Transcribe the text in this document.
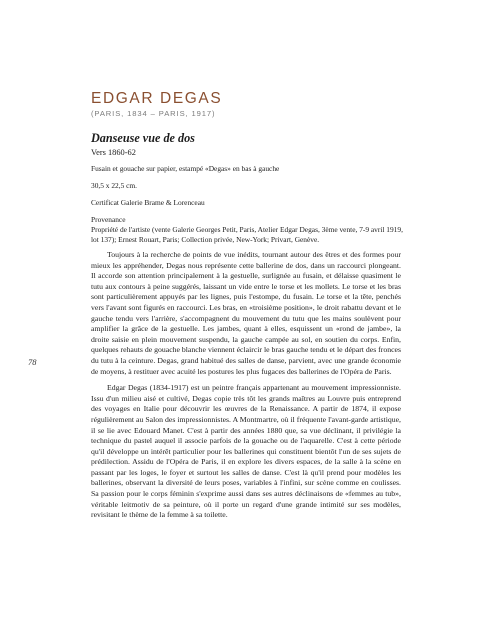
EDGAR DEGAS
(PARIS, 1834 – PARIS, 1917)
Danseuse vue de dos
Vers 1860-62
Fusain et gouache sur papier, estampé «Degas» en bas à gauche
30,5 x 22,5 cm.
Certificat Galerie Brame & Lorenceau
Provenance
Propriété de l'artiste (vente Galerie Georges Petit, Paris, Atelier Edgar Degas, 3ème vente, 7-9 avril 1919, lot 137); Ernest Rouart, Paris; Collection privée, New-York; Privart, Genève.

Toujours à la recherche de points de vue inédits, tournant autour des êtres et des formes pour mieux les appréhender, Degas nous représente cette ballerine de dos, dans un raccourci plongeant. Il accorde son attention principalement à la gestuelle, surlignée au fusain, et délaisse quasiment le tutu aux contours à peine suggérés, laissant un vide entre le torse et les mollets. Le torse et les bras sont particulièrement appuyés par les lignes, puis l'estompe, du fusain. Le torse et la tête, penchés vers l'avant sont figurés en raccourci. Les bras, en «troisième position», le droit rabattu devant et le gauche tendu vers l'arrière, s'accompagnent du mouvement du tutu que les mains soulèvent pour amplifier la grâce de la gestuelle. Les jambes, quant à elles, esquissent un «rond de jambe», la droite saisie en plein mouvement suspendu, la gauche campée au sol, en soutien du corps. Enfin, quelques rehauts de gouache blanche viennent éclaircir le bras gauche tendu et le départ des fronces du tutu à la ceinture. Degas, grand habitué des salles de danse, parvient, avec une grande économie de moyens, à restituer avec acuité les postures les plus fugaces des ballerines de l'Opéra de Paris.

Edgar Degas (1834-1917) est un peintre français appartenant au mouvement impressionniste. Issu d'un milieu aisé et cultivé, Degas copie très tôt les grands maîtres au Louvre puis entreprend des voyages en Italie pour découvrir les œuvres de la Renaissance. A partir de 1874, il expose régulièrement au Salon des impressionnistes. A Montmartre, où il fréquente l'avant-garde artistique, il se lie avec Edouard Manet. C'est à partir des années 1880 que, sa vue déclinant, il privilégie la technique du pastel auquel il associe parfois de la gouache ou de l'aquarelle. C'est à cette période qu'il développe un intérêt particulier pour les ballerines qui constituent bientôt l'un de ses sujets de prédilection. Assidu de l'Opéra de Paris, il en explore les divers espaces, de la salle à la scène en passant par les loges, le foyer et surtout les salles de danse. C'est là qu'il prend pour modèles les ballerines, observant la diversité de leurs poses, variables à l'infini, sur scène comme en coulisses. Sa passion pour le corps féminin s'exprime aussi dans ses autres déclinaisons de «femmes au tub», véritable leitmotiv de sa peinture, où il porte un regard d'une grande intimité sur ses modèles, revisitant le thème de la femme à sa toilette.

78
